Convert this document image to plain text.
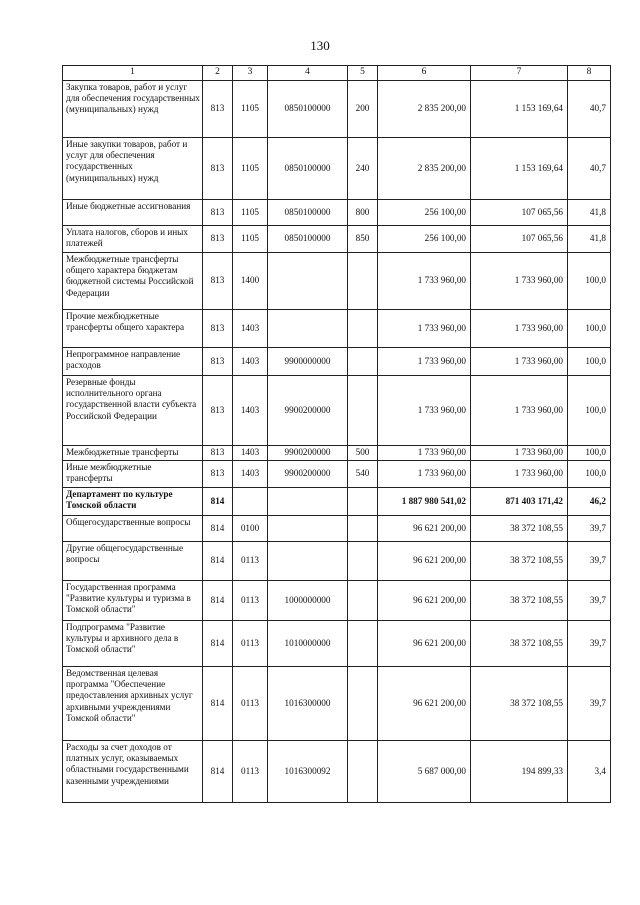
130
1	2	3	4	5	6	7	8
Закупка товаров, работ и услуг для обеспечения государственных (муниципальных) нужд	813	1105	0850100000	200	2 835 200,00	1 153 169,64	40,7
Иные закупки товаров, работ и услуг для обеспечения государственных (муниципальных) нужд	813	1105	0850100000	240	2 835 200,00	1 153 169,64	40,7
Иные бюджетные ассигнования	813	1105	0850100000	800	256 100,00	107 065,56	41,8
Уплата налогов, сборов и иных платежей	813	1105	0850100000	850	256 100,00	107 065,56	41,8
Межбюджетные трансферты общего характера бюджетам бюджетной системы Российской Федерации	813	1400			1 733 960,00	1 733 960,00	100,0
Прочие межбюджетные трансферты общего характера	813	1403			1 733 960,00	1 733 960,00	100,0
Непрограммное направление расходов	813	1403	9900000000		1 733 960,00	1 733 960,00	100,0
Резервные фонды исполнительного органа государственной власти субъекта Российской Федерации	813	1403	9900200000		1 733 960,00	1 733 960,00	100,0
Межбюджетные трансферты	813	1403	9900200000	500	1 733 960,00	1 733 960,00	100,0
Иные межбюджетные трансферты	813	1403	9900200000	540	1 733 960,00	1 733 960,00	100,0
Департамент по культуре Томской области	814				1 887 980 541,02	871 403 171,42	46,2
Общегосударственные вопросы	814	0100			96 621 200,00	38 372 108,55	39,7
Другие общегосударственные вопросы	814	0113			96 621 200,00	38 372 108,55	39,7
Государственная программа "Развитие культуры и туризма в Томской области"	814	0113	1000000000		96 621 200,00	38 372 108,55	39,7
Подпрограмма "Развитие культуры и архивного дела в Томской области"	814	0113	1010000000		96 621 200,00	38 372 108,55	39,7
Ведомственная целевая программа "Обеспечение предоставления архивных услуг архивными учреждениями Томской области"	814	0113	1016300000		96 621 200,00	38 372 108,55	39,7
Расходы за счет доходов от платных услуг, оказываемых областными государственными казенными учреждениями	814	0113	1016300092		5 687 000,00	194 899,33	3,4
